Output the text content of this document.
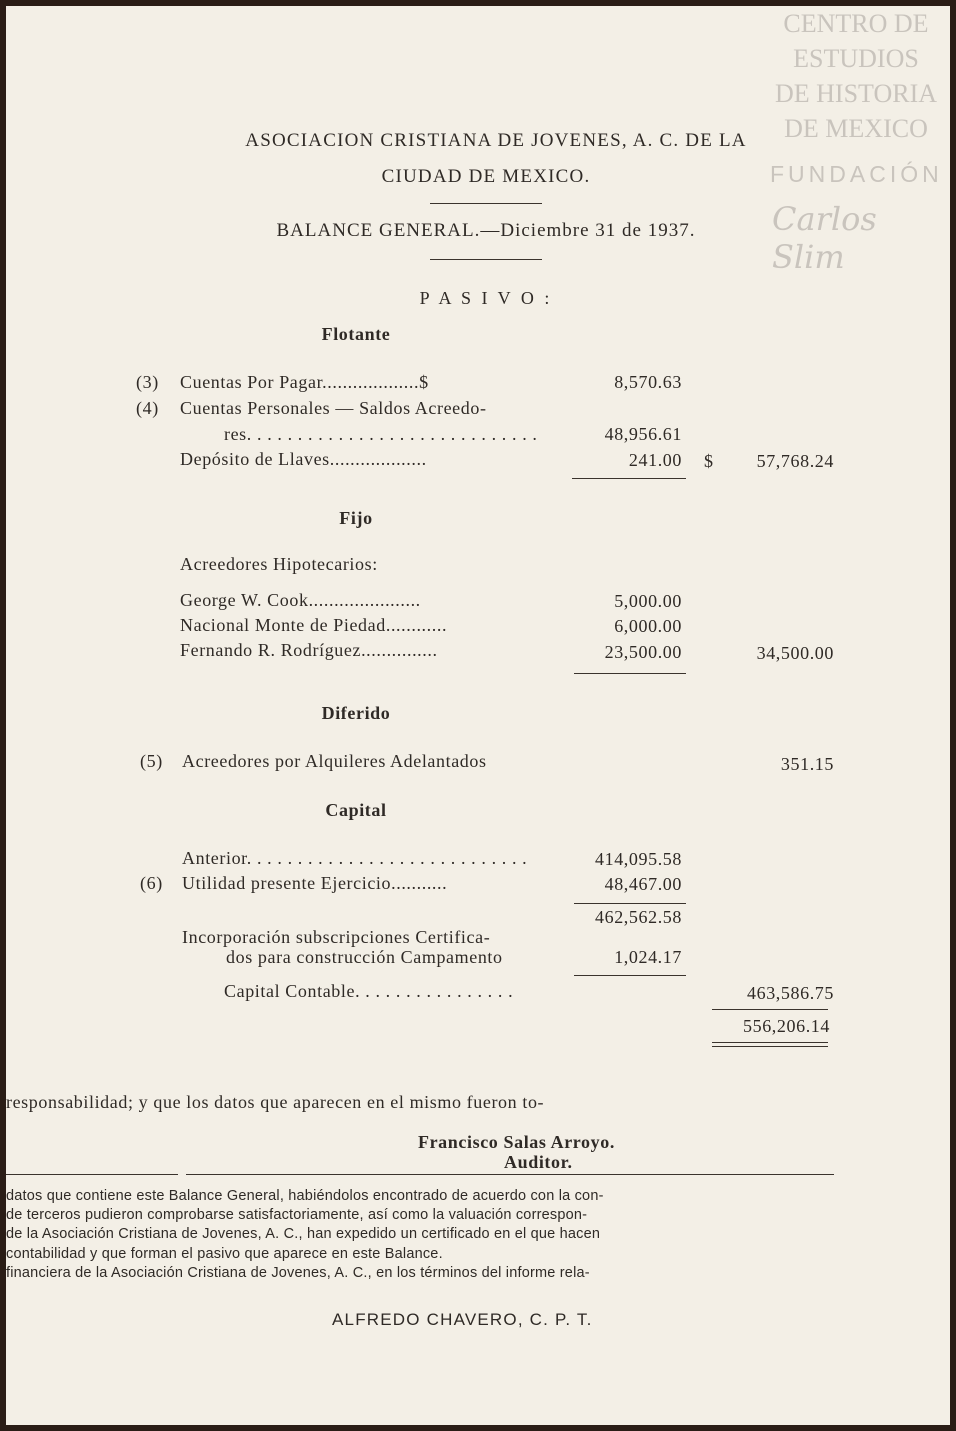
CENTRO DE
ESTUDIOS
DE HISTORIA
DE MEXICO
FUNDACIÓN
Carlos Slim
ASOCIACION CRISTIANA DE JOVENES, A. C. DE LA
CIUDAD DE MEXICO.
BALANCE GENERAL.—Diciembre 31 de 1937.
P A S I V O :
Flotante
(3) Cuentas Por Pagar...................$	8,570.63
(4) Cuentas Personales — Saldos Acreedo-
res. . . . . . . . . . . . . . . . . . . . . . . . . . . . .	48,956.61
Depósito de Llaves...................	241.00 $	57,768.24
Fijo
Acreedores Hipotecarios:
George W. Cook......................	5,000.00
Nacional Monte de Piedad............	6,000.00
Fernando R. Rodríguez...............	23,500.00	34,500.00
Diferido
(5) Acreedores por Alquileres Adelantados	351.15
Capital
Anterior. . . . . . . . . . . . . . . . . . . . . . . . . . . .	414,095.58
(6) Utilidad presente Ejercicio...........	48,467.00
462,562.58
Incorporación subscripciones Certifica-
dos para construcción Campamento	1,024.17
Capital Contable. . . . . . . . . . . . . . . .	463,586.75
556,206.14
responsabilidad; y que los datos que aparecen en el mismo fueron to-
Francisco Salas Arroyo.
Auditor.
datos que contiene este Balance General, habiéndolos encontrado de acuerdo con la con-
de terceros pudieron comprobarse satisfactoriamente, así como la valuación correspon-
de la Asociación Cristiana de Jovenes, A. C., han expedido un certificado en el que hacen
contabilidad y que forman el pasivo que aparece en este Balance.
financiera de la Asociación Cristiana de Jovenes, A. C., en los términos del informe rela-
ALFREDO CHAVERO, C. P. T.
